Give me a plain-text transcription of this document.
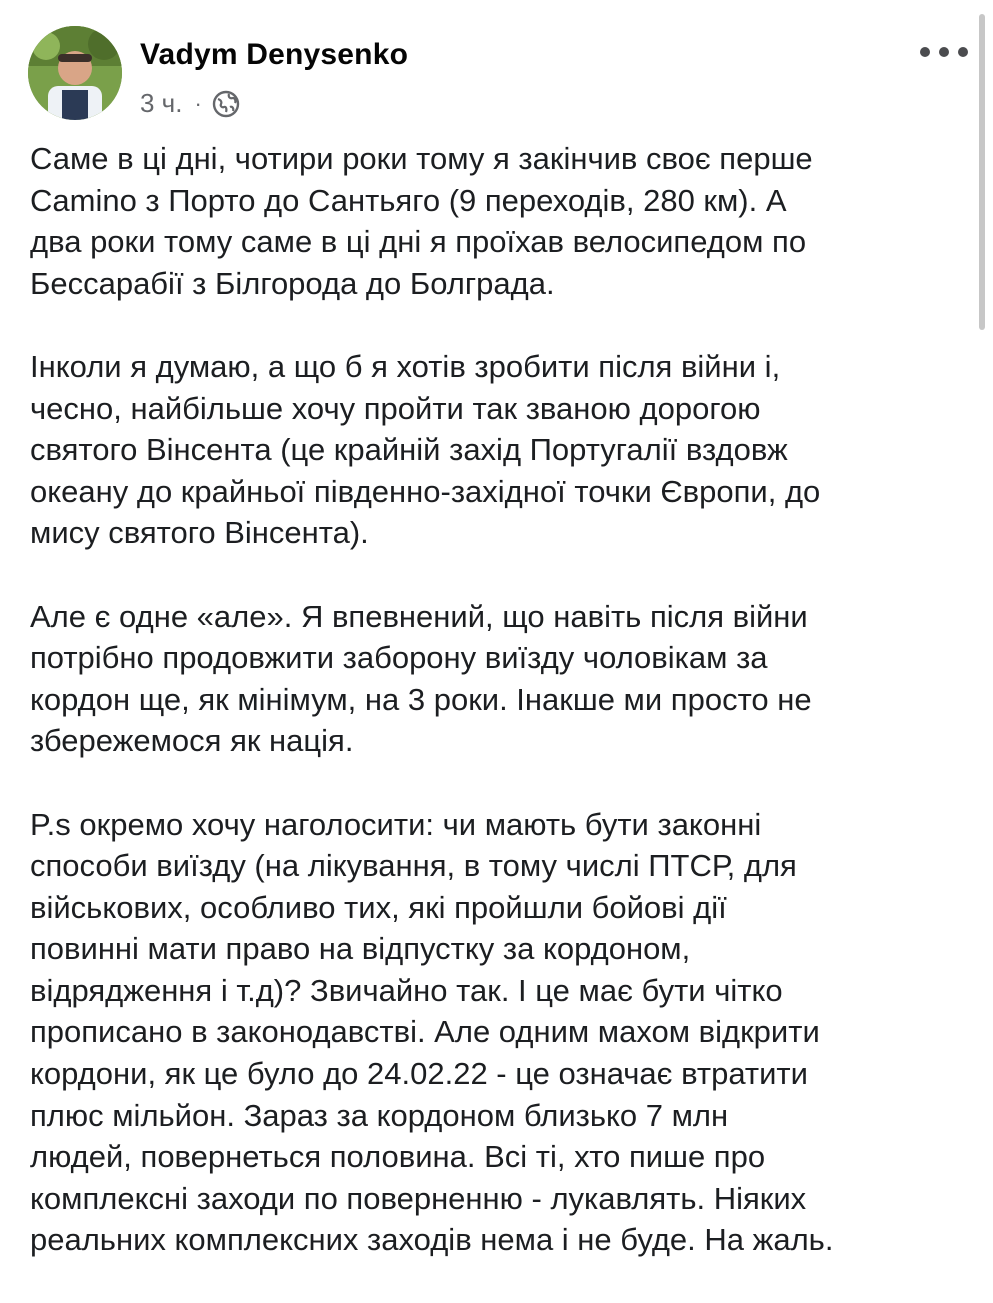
Vadym Denysenko
3 ч. ·
Саме в ці дні, чотири роки тому я закінчив своє перше
Camino з Порто до Сантьяго (9 переходів, 280 км). А
два роки тому саме в ці дні я проїхав велосипедом по
Бессарабії з Білгорода до Болграда.
Інколи я думаю, а що б я хотів зробити після війни і,
чесно, найбільше хочу пройти так званою дорогою
святого Вінсента (це крайній захід Португалії вздовж
океану до крайньої південно-західної точки Європи, до
мису святого Вінсента).
Але є одне «але». Я впевнений, що навіть після війни
потрібно продовжити заборону виїзду чоловікам за
кордон ще, як мінімум, на 3 роки. Інакше ми просто не
збережемося як нація.
P.s окремо хочу наголосити: чи мають бути законні
способи виїзду (на лікування, в тому числі ПТСР, для
військових, особливо тих, які пройшли бойові дії
повинні мати право на відпустку за кордоном,
відрядження і т.д)? Звичайно так. І це має бути чітко
прописано в законодавстві. Але одним махом відкрити
кордони, як це було до 24.02.22 - це означає втратити
плюс мільйон. Зараз за кордоном близько 7 млн
людей, повернеться половина. Всі ті, хто пише про
комплексні заходи по поверненню - лукавлять. Ніяких
реальних комплексних заходів нема і не буде. На жаль.
